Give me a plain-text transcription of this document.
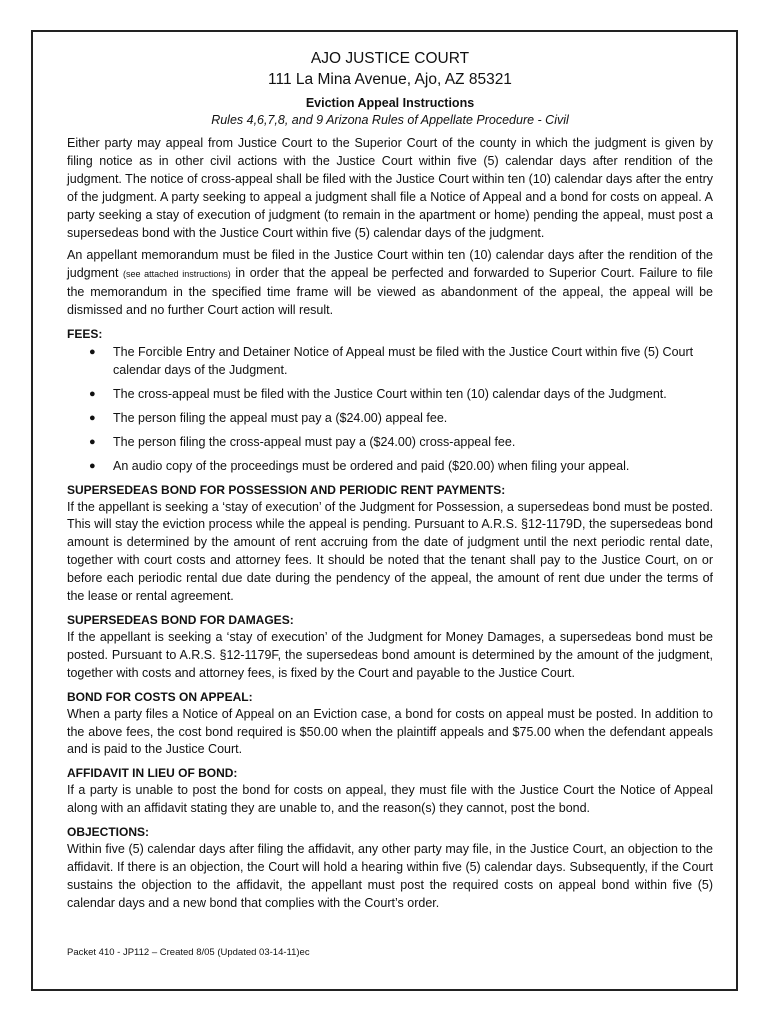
AJO JUSTICE COURT
111 La Mina Avenue, Ajo, AZ 85321
Eviction Appeal Instructions
Rules 4,6,7,8, and 9 Arizona Rules of Appellate Procedure - Civil

Either party may appeal from Justice Court to the Superior Court of the county in which the judgment is given by filing notice as in other civil actions with the Justice Court within five (5) calendar days after rendition of the judgment. The notice of cross-appeal shall be filed with the Justice Court within ten (10) calendar days after the entry of the judgment. A party seeking to appeal a judgment shall file a Notice of Appeal and a bond for costs on appeal. A party seeking a stay of execution of judgment (to remain in the apartment or home) pending the appeal, must post a supersedeas bond with the Justice Court within five (5) calendar days of the judgment.

An appellant memorandum must be filed in the Justice Court within ten (10) calendar days after the rendition of the judgment (see attached instructions) in order that the appeal be perfected and forwarded to Superior Court. Failure to file the memorandum in the specified time frame will be viewed as abandonment of the appeal, the appeal will be dismissed and no further Court action will result.

FEES:
● The Forcible Entry and Detainer Notice of Appeal must be filed with the Justice Court within five (5) Court calendar days of the Judgment.
● The cross-appeal must be filed with the Justice Court within ten (10) calendar days of the Judgment.
● The person filing the appeal must pay a ($24.00) appeal fee.
● The person filing the cross-appeal must pay a ($24.00) cross-appeal fee.
● An audio copy of the proceedings must be ordered and paid ($20.00) when filing your appeal.
SUPERSEDEAS BOND FOR POSSESSION AND PERIODIC RENT PAYMENTS:

If the appellant is seeking a ‘stay of execution’ of the Judgment for Possession, a supersedeas bond must be posted. This will stay the eviction process while the appeal is pending. Pursuant to A.R.S. §12-1179D, the supersedeas bond amount is determined by the amount of rent accruing from the date of judgment until the next periodic rental date, together with court costs and attorney fees. It should be noted that the tenant shall pay to the Justice Court, on or before each periodic rental due date during the pendency of the appeal, the amount of rent due under the terms of the lease or rental agreement.

SUPERSEDEAS BOND FOR DAMAGES:

If the appellant is seeking a ‘stay of execution’ of the Judgment for Money Damages, a supersedeas bond must be posted. Pursuant to A.R.S. §12-1179F, the supersedeas bond amount is determined by the amount of the judgment, together with costs and attorney fees, is fixed by the Court and payable to the Justice Court.

BOND FOR COSTS ON APPEAL:

When a party files a Notice of Appeal on an Eviction case, a bond for costs on appeal must be posted. In addition to the above fees, the cost bond required is $50.00 when the plaintiff appeals and $75.00 when the defendant appeals and is paid to the Justice Court.

AFFIDAVIT IN LIEU OF BOND:

If a party is unable to post the bond for costs on appeal, they must file with the Justice Court the Notice of Appeal along with an affidavit stating they are unable to, and the reason(s) they cannot, post the bond.

OBJECTIONS:

Within five (5) calendar days after filing the affidavit, any other party may file, in the Justice Court, an objection to the affidavit. If there is an objection, the Court will hold a hearing within five (5) calendar days. Subsequently, if the Court sustains the objection to the affidavit, the appellant must post the required costs on appeal bond within five (5) calendar days and a new bond that complies with the Court’s order.

Packet 410 - JP112 – Created 8/05 (Updated 03-14-11)ec
